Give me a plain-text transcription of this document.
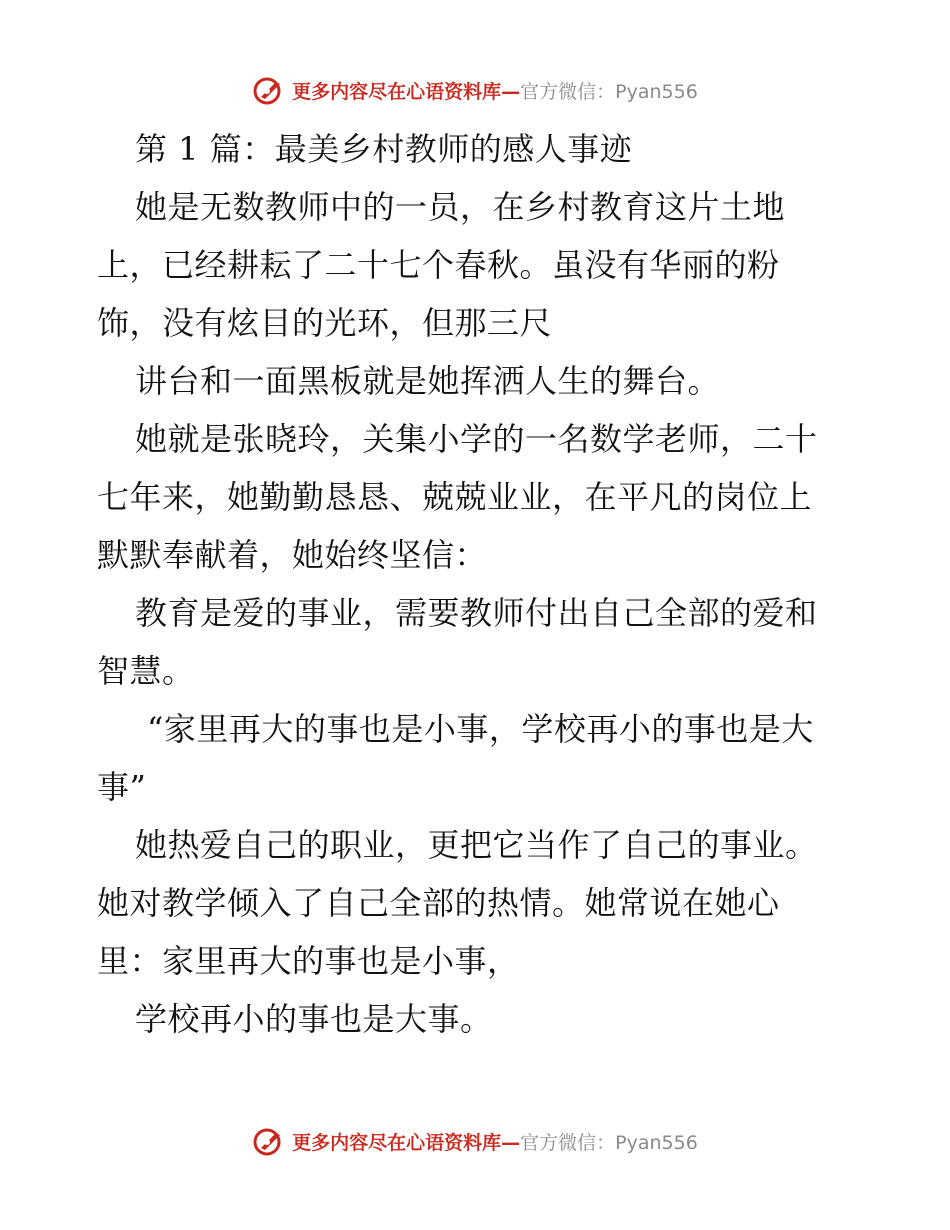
更多内容尽在心语资料库—官方微信：Pyan556
第 1 篇：最美乡村教师的感人事迹
她是无数教师中的一员，在乡村教育这片土地
上，已经耕耘了二十七个春秋。虽没有华丽的粉
饰，没有炫目的光环，但那三尺
讲台和一面黑板就是她挥洒人生的舞台。
她就是张晓玲，关集小学的一名数学老师，二十
七年来，她勤勤恳恳、兢兢业业，在平凡的岗位上
默默奉献着，她始终坚信：
教育是爱的事业，需要教师付出自己全部的爱和
智慧。
“家里再大的事也是小事，学校再小的事也是大
事”
她热爱自己的职业，更把它当作了自己的事业。
她对教学倾入了自己全部的热情。她常说在她心
里：家里再大的事也是小事，
学校再小的事也是大事。
更多内容尽在心语资料库—官方微信：Pyan556
